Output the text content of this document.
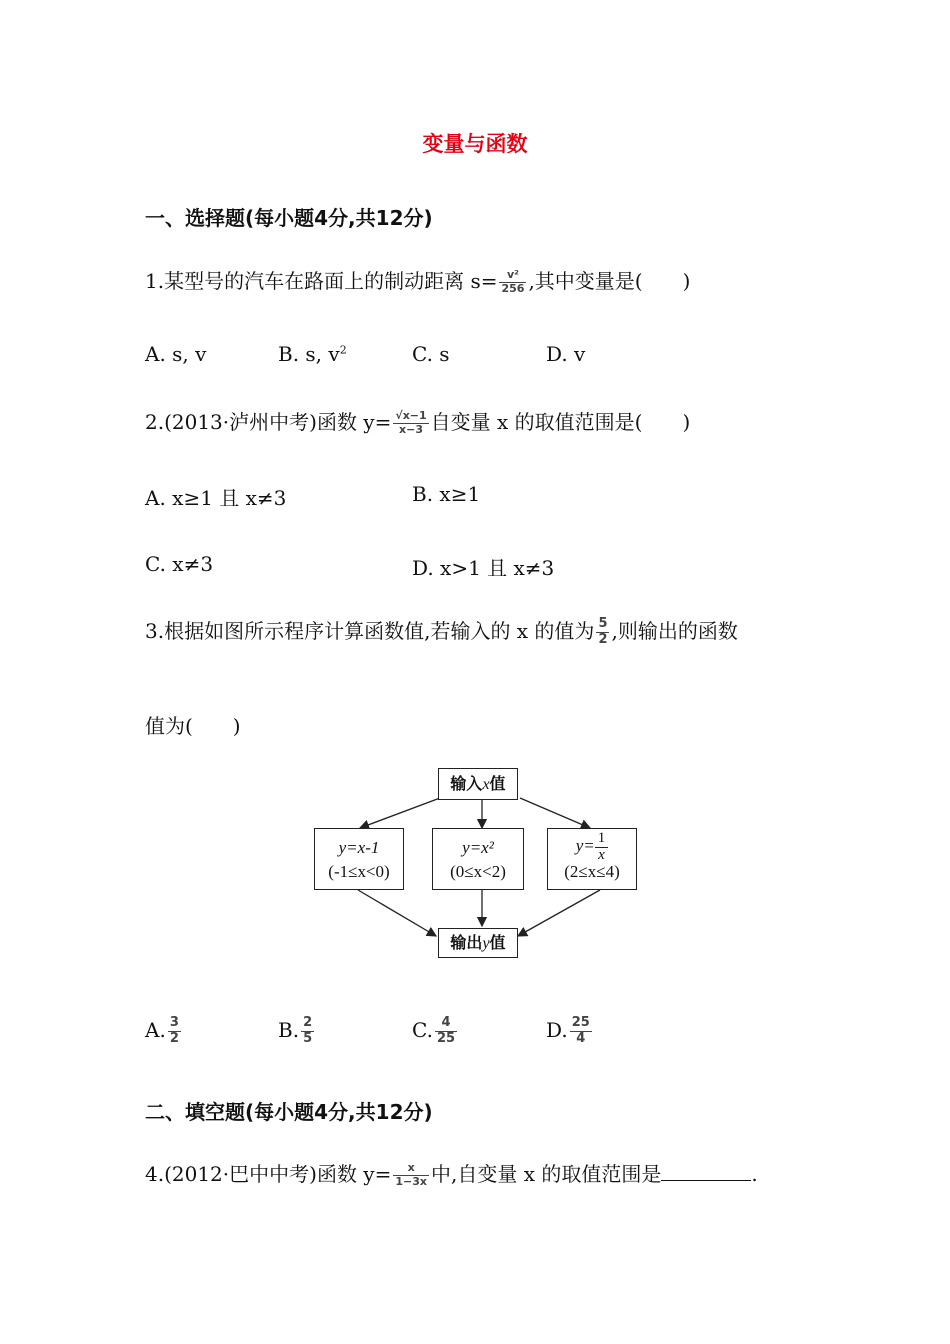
变量与函数
一、选择题(每小题4分,共12分)
1.某型号的汽车在路面上的制动距离 $s= \frac{\text{v²}}{256}$ ,其中变量是(　　)
A. s, v	B. s, $v^2$	C. s	D. v
2.(2013·泸州中考)函数 $y= \frac{√x-1}{x-3}$ 自变量 x 的取值范围是(　　)
A. x≥1 且 x≠3	B. x≥1
C. x≠3	D. x>1 且 x≠3
3.根据如图所示程序计算函数值,若输入的 x 的值为 $\frac{5}{2}$ ,则输出的函数
值为(　　)
输入x值
y=x-1
(-1≤x<0)
y=x²
(0≤x<2)
$y= \frac{1}{x}$
(2≤x≤4)
输出y值
A. $\frac{3}{2}$	B. $\frac{2}{5}$	C. $\frac{4}{25}$	D. $\frac{25}{4}$
二、填空题(每小题4分,共12分)
4.(2012·巴中中考)函数 $y= \frac{x}{1-3x}$ 中,自变量 x 的取值范围是	.
